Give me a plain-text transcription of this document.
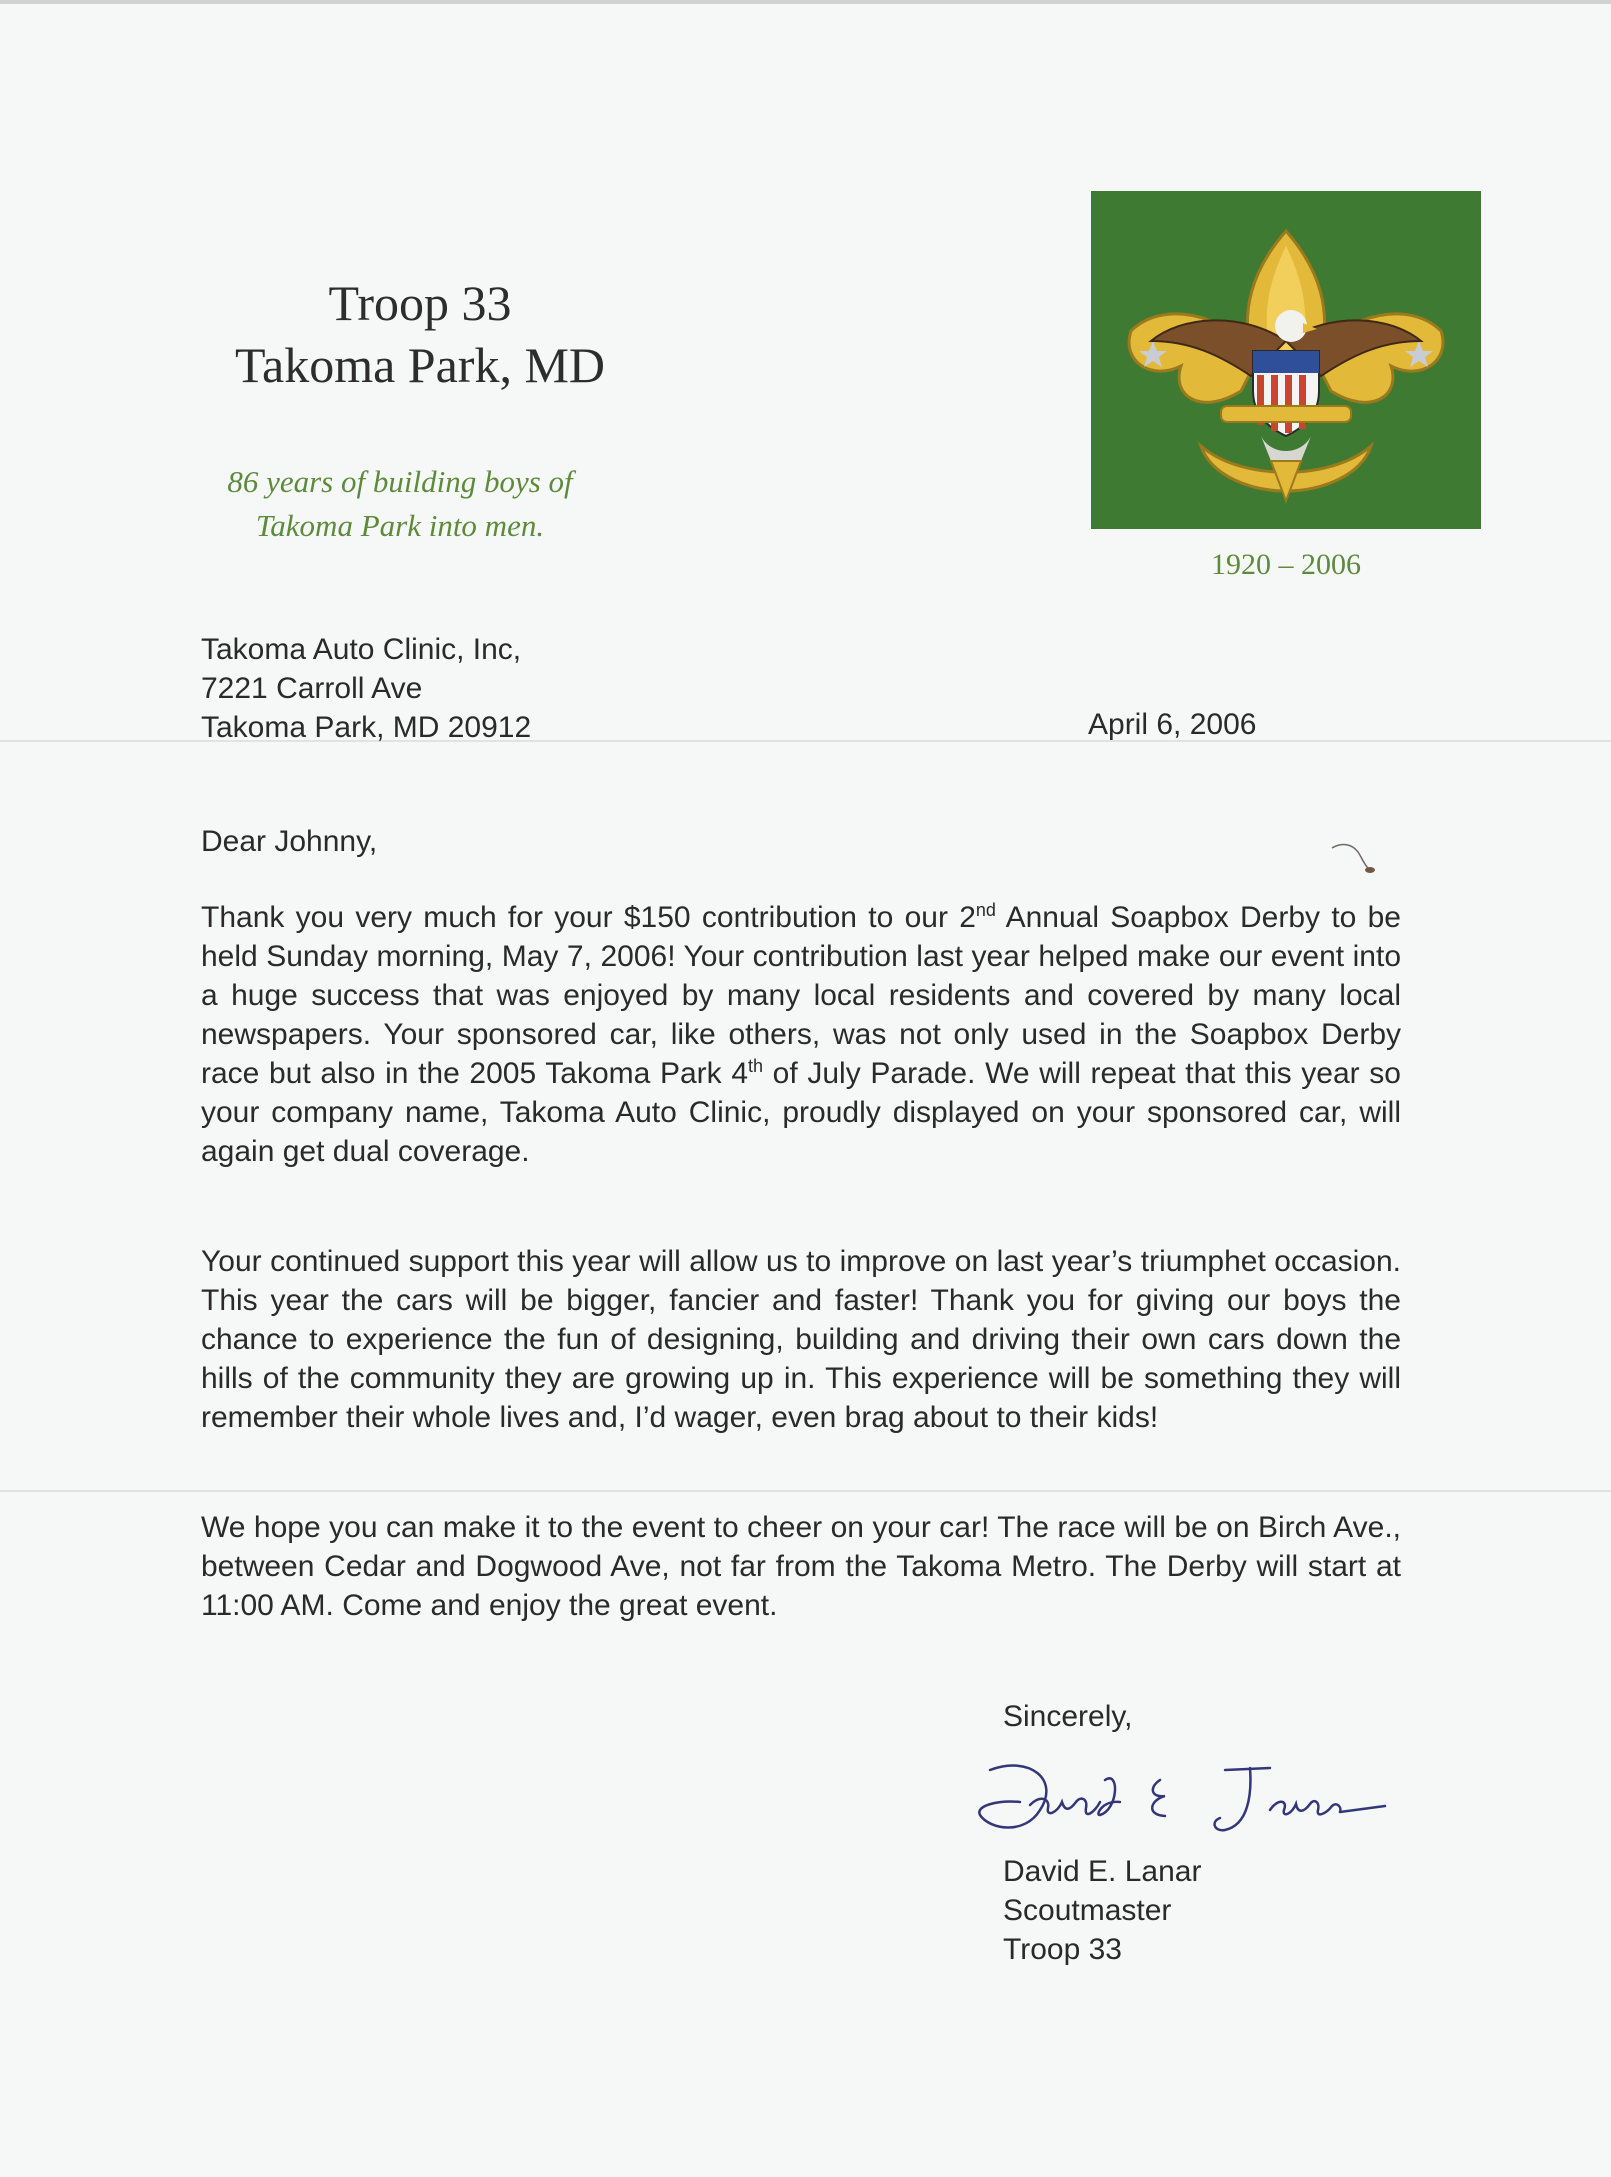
Troop 33
Takoma Park, MD
86 years of building boys of
Takoma Park into men.
1920 – 2006
Takoma Auto Clinic, Inc,
7221 Carroll Ave
Takoma Park, MD 20912	April 6, 2006
Dear Johnny,
Thank you very much for your $150 contribution to our 2nd Annual Soapbox Derby to be held Sunday morning, May 7, 2006! Your contribution last year helped make our event into a huge success that was enjoyed by many local residents and covered by many local newspapers. Your sponsored car, like others, was not only used in the Soapbox Derby race but also in the 2005 Takoma Park 4th of July Parade. We will repeat that this year so your company name, Takoma Auto Clinic, proudly displayed on your sponsored car, will again get dual coverage.
Your continued support this year will allow us to improve on last year’s triumphet occasion. This year the cars will be bigger, fancier and faster! Thank you for giving our boys the chance to experience the fun of designing, building and driving their own cars down the hills of the community they are growing up in. This experience will be something they will remember their whole lives and, I’d wager, even brag about to their kids!
We hope you can make it to the event to cheer on your car! The race will be on Birch Ave., between Cedar and Dogwood Ave, not far from the Takoma Metro. The Derby will start at 11:00 AM. Come and enjoy the great event.
Sincerely,
David E. Lanar
Scoutmaster
Troop 33
